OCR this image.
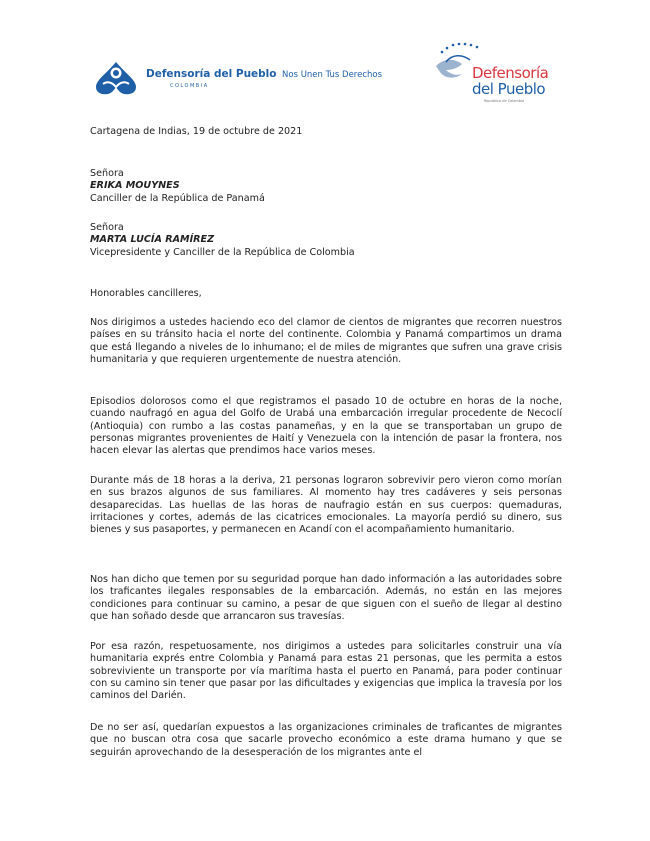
Defensoría del Pueblo
COLOMBIA
Nos Unen Tus Derechos	Defensoría
del Pueblo
República de Colombia
Cartagena de Indias, 19 de octubre de 2021
Señora
ERIKA MOUYNES
Canciller de la República de Panamá
Señora
MARTA LUCÍA RAMÍREZ
Vicepresidente y Canciller de la República de Colombia
Honorables cancilleres,
Nos dirigimos a ustedes haciendo eco del clamor de cientos de migrantes que recorren nuestros países en su tránsito hacia el norte del continente. Colombia y Panamá compartimos un drama que está llegando a niveles de lo inhumano; el de miles de migrantes que sufren una grave crisis humanitaria y que requieren urgentemente de nuestra atención.
Episodios dolorosos como el que registramos el pasado 10 de octubre en horas de la noche, cuando naufragó en agua del Golfo de Urabá una embarcación irregular procedente de Necoclí (Antioquia) con rumbo a las costas panameñas, y en la que se transportaban un grupo de personas migrantes provenientes de Haití y Venezuela con la intención de pasar la frontera, nos hacen elevar las alertas que prendimos hace varios meses.
Durante más de 18 horas a la deriva, 21 personas lograron sobrevivir pero vieron como morían en sus brazos algunos de sus familiares. Al momento hay tres cadáveres y seis personas desaparecidas. Las huellas de las horas de naufragio están en sus cuerpos: quemaduras, irritaciones y cortes, además de las cicatrices emocionales. La mayoría perdió su dinero, sus bienes y sus pasaportes, y permanecen en Acandí con el acompañamiento humanitario.
Nos han dicho que temen por su seguridad porque han dado información a las autoridades sobre los traficantes ilegales responsables de la embarcación. Además, no están en las mejores condiciones para continuar su camino, a pesar de que siguen con el sueño de llegar al destino que han soñado desde que arrancaron sus travesías.
Por esa razón, respetuosamente, nos dirigimos a ustedes para solicitarles construir una vía humanitaria exprés entre Colombia y Panamá para estas 21 personas, que les permita a estos sobreviviente un transporte por vía marítima hasta el puerto en Panamá, para poder continuar con su camino sin tener que pasar por las dificultades y exigencias que implica la travesía por los caminos del Darién.
De no ser así, quedarían expuestos a las organizaciones criminales de traficantes de migrantes que no buscan otra cosa que sacarle provecho económico a este drama humano y que se seguirán aprovechando de la desesperación de los migrantes ante el
